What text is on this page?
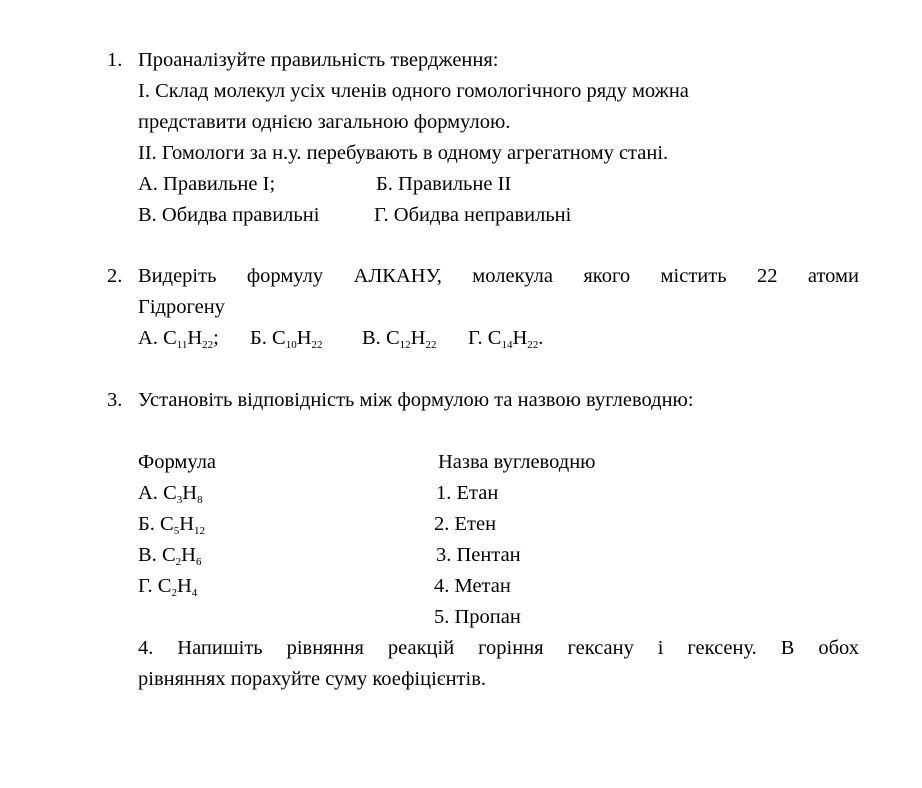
1. Проаналізуйте правильність твердження:
I. Склад молекул усіх членів одного гомологічного ряду можна
представити однією загальною формулою.
II. Гомологи за н.у. перебувають в одному агрегатному стані.
А. Правильне І;	Б. Правильне ІІ
В. Обидва правильні	Г. Обидва неправильні
2. Видеріть формулу АЛКАНУ, молекула якого містить 22 атоми
Гідрогену
А. $C_{11}H_{22}$; Б. $C_{10}H_{22}$ В. $C_{12}H_{22}$ Г. $C_{14}H_{22}$.
3. Установіть відповідність між формулою та назвою вуглеводню:
Формула	Назва вуглеводню
А. $C_3H_8$	1. Етан
Б. $C_5H_{12}$	2. Етен
В. $C_2H_6$	3. Пентан
Г. $C_2H_4$	4. Метан
5. Пропан
4. Напишіть рівняння реакцій горіння гексану і гексену. В обох
рівняннях порахуйте суму коефіцієнтів.
